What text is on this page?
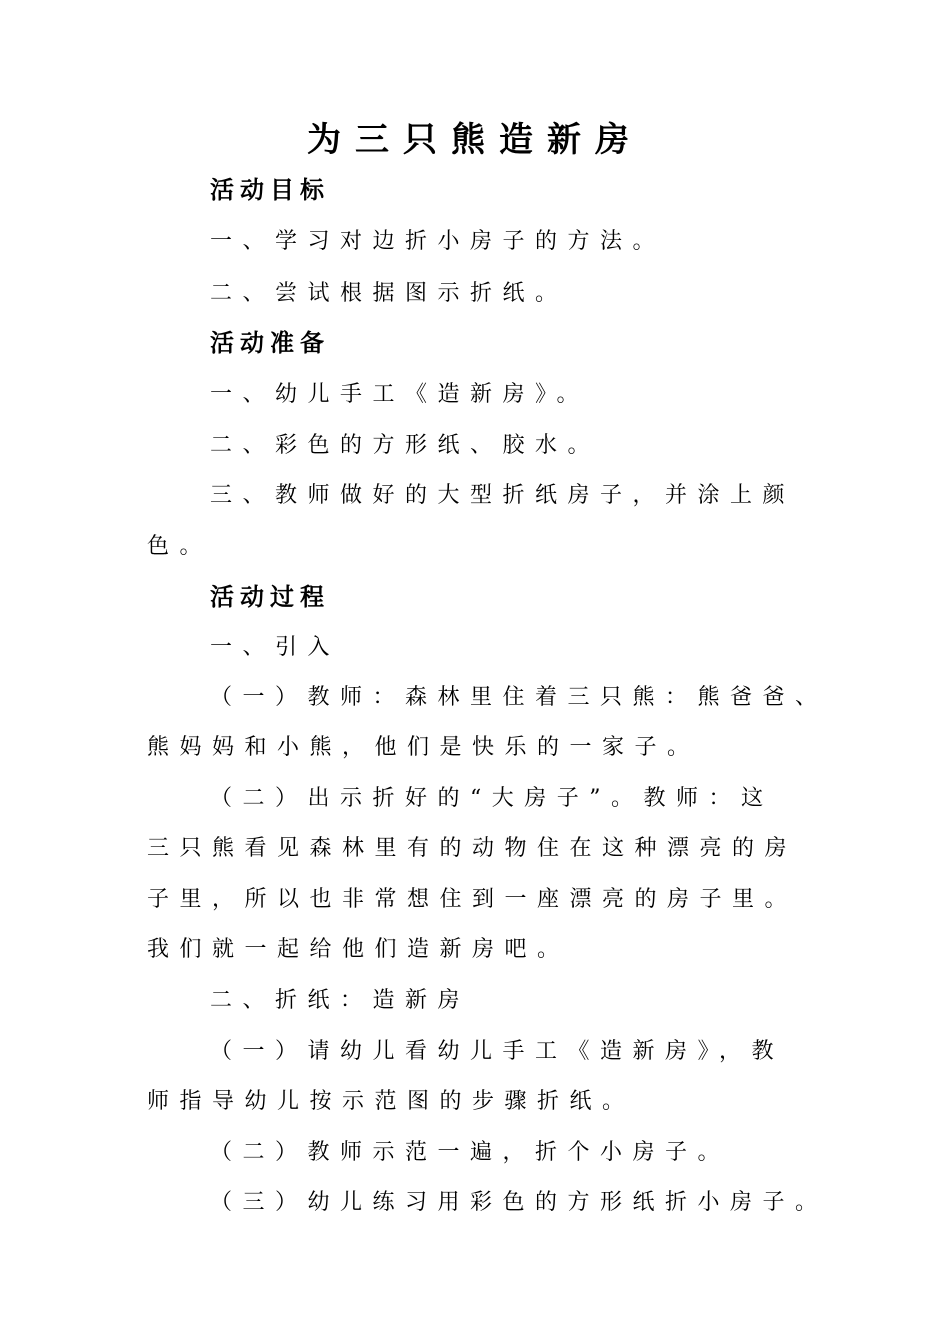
为三只熊造新房

活动目标

一、学习对边折小房子的方法。

二、尝试根据图示折纸。

活动准备

一、幼儿手工《造新房》。

二、彩色的方形纸、胶水。

三、教师做好的大型折纸房子，并涂上颜

色。

活动过程

一、引入

（一）教师：森林里住着三只熊：熊爸爸、

熊妈妈和小熊，他们是快乐的一家子。

（二）出示折好的“大房子”。教师：这

三只熊看见森林里有的动物住在这种漂亮的房

子里，所以也非常想住到一座漂亮的房子里。

我们就一起给他们造新房吧。

二、折纸：造新房

（一）请幼儿看幼儿手工《造新房》，教

师指导幼儿按示范图的步骤折纸。

（二）教师示范一遍，折个小房子。

（三）幼儿练习用彩色的方形纸折小房子。
